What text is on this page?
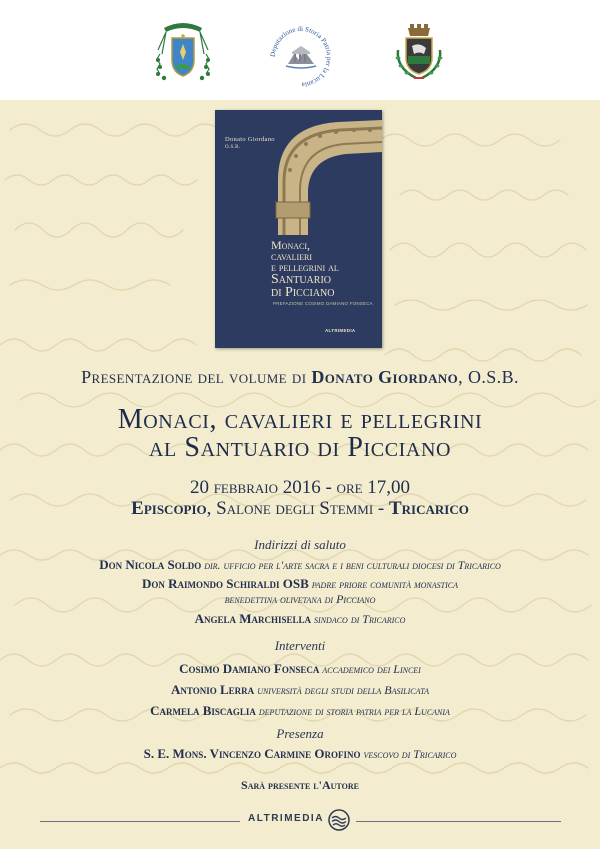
Deputazione di Storia Patria per la Lucania
Donato Giordano
O.S.B.
Monaci,
cavalieri
e pellegrini al
Santuario
di Picciano
PREFAZIONE COSIMO DAMIANO FONSECA
ALTRIMEDIA
Presentazione del volume di Donato Giordano, O.S.B.
Monaci, cavalieri e pellegrini
al Santuario di Picciano
20 febbraio 2016 - ore 17,00
Episcopio, Salone degli Stemmi - Tricarico
Indirizzi di saluto
Don Nicola Soldo dir. ufficio per l'arte sacra e i beni culturali diocesi di Tricarico
Don Raimondo Schiraldi OSB padre priore comunità monastica
benedettina olivetana di Picciano
Angela Marchisella sindaco di Tricarico
Interventi
Cosimo Damiano Fonseca accademico dei Lincei
Antonio Lerra università degli studi della Basilicata
Carmela Biscaglia deputazione di storia patria per la Lucania
Presenza
S. E. Mons. Vincenzo Carmine Orofino vescovo di Tricarico
Sarà presente l'Autore
ALTRIMEDIA
